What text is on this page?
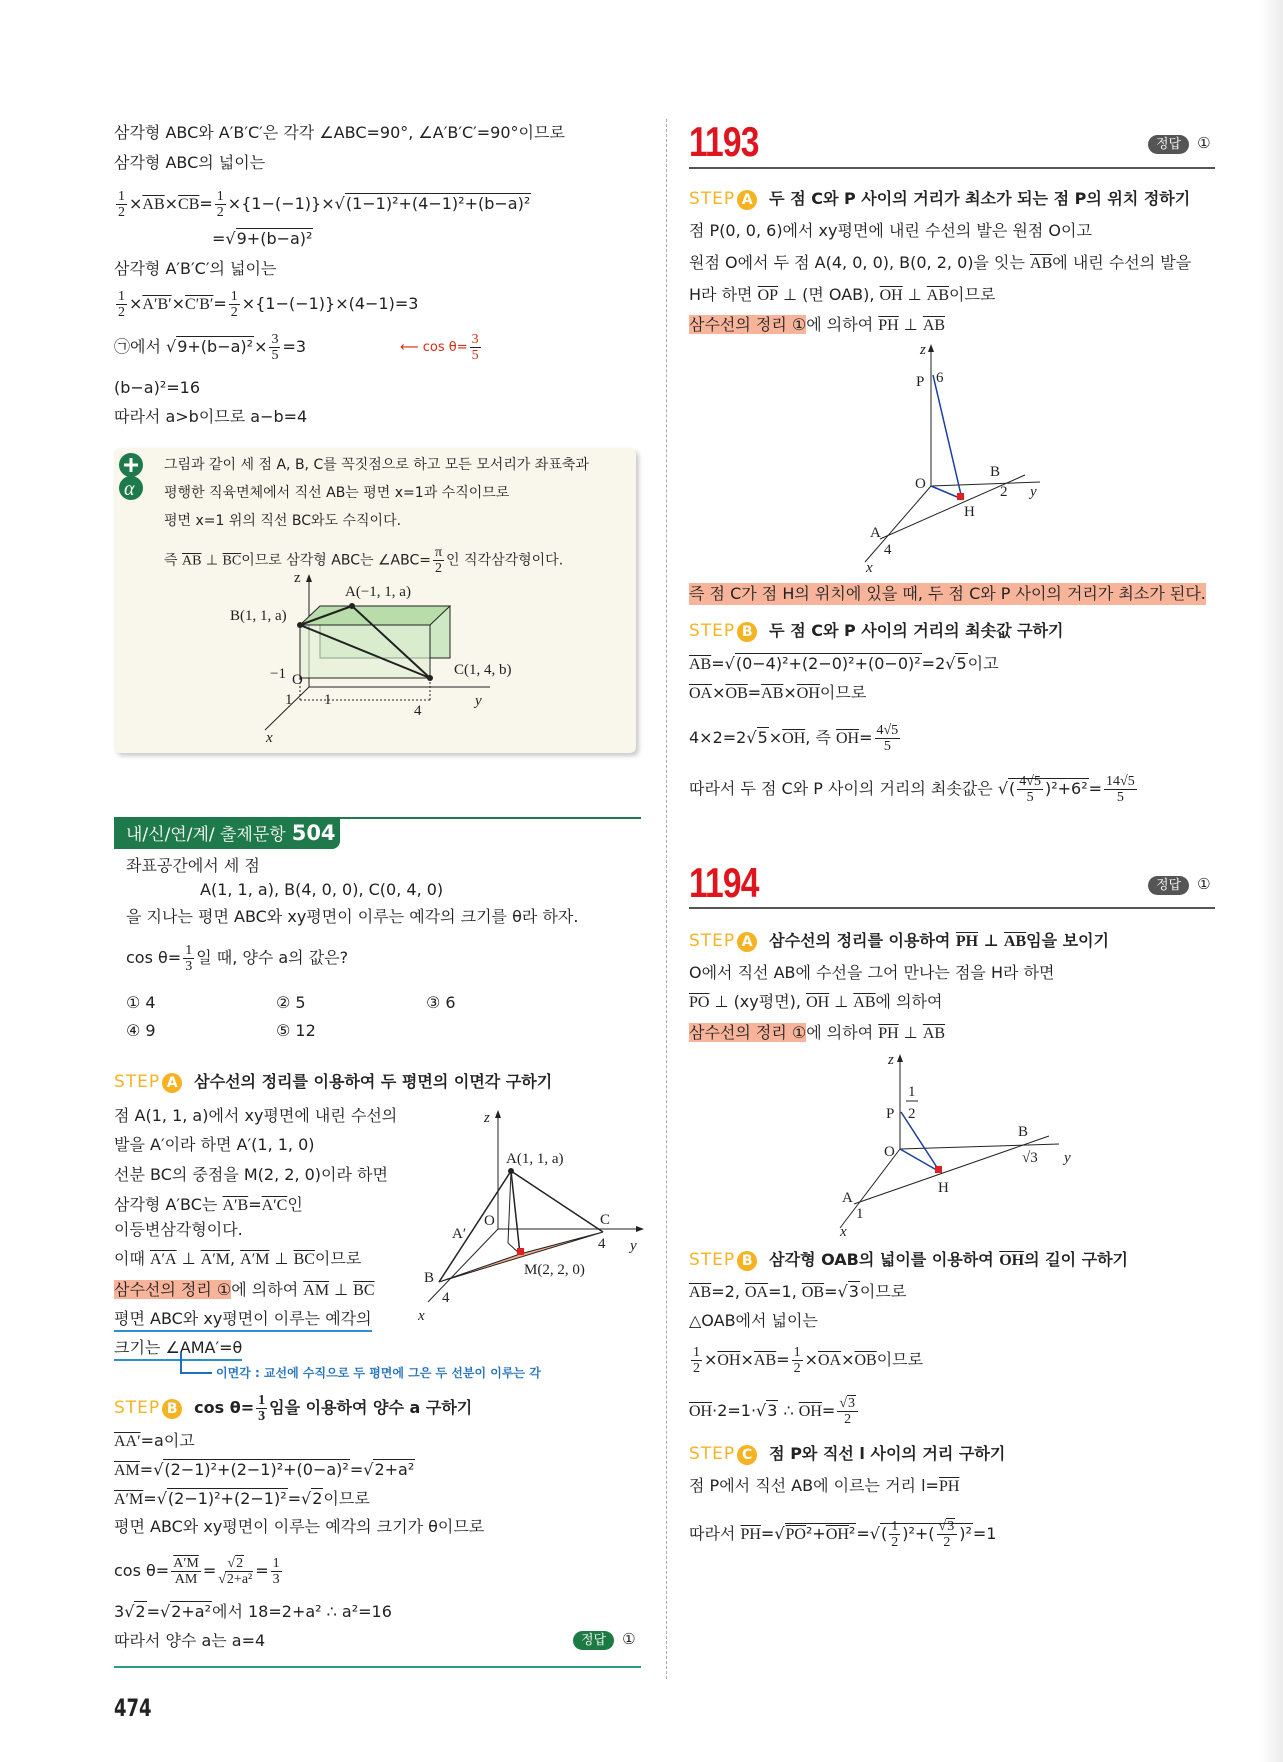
삼각형 ABC와 A′B′C′은 각각 ∠ABC=90°, ∠A′B′C′=90°이므로
삼각형 ABC의 넓이는
$\frac{1}{2} \times\overline{AB}\times\overline{CB}= \frac{1}{2} \times\{1-(-1)\}\times$ √ (1−1)²+(4−1)²+(b−a)²
= √ 9+(b−a)²
삼각형 A′B′C′의 넓이는
$\frac{1}{2} \times A'B'\times C'B'= \frac{1}{2} \times\{1-(-1)\}\times(4-1)=3$
㉠에서 √ $9+(b-a)^2\times \frac{3}{5} =3$	⟵ $\cos \theta= \frac{3}{5}$
(b−a)²=16
따라서 a>b이므로 a−b=4
α
그림과 같이 세 점 A, B, C를 꼭짓점으로 하고 모든 모서리가 좌표축과
평행한 직육면체에서 직선 AB는 평면 x=1과 수직이므로
평면 x=1 위의 직선 BC와도 수직이다.
즉 $\overline{AB}$ ⊥ $\overline{BC}$이므로 삼각형 ABC는 ∠ABC= $\frac{\pi}{2}$ 인 직각삼각형이다.
z
A(−1, 1, a)
B(1, 1, a)
C(1, 4, b)
−1 O
1 1
4
y
x
내/신/연/계/ 출제문항 504
좌표공간에서 세 점
A(1, 1, a), B(4, 0, 0), C(0, 4, 0)
을 지나는 평면 ABC와 xy평면이 이루는 예각의 크기를 θ라 하자.
$\cos \theta= \frac{1}{3}$ 일 때, 양수 a의 값은?
① 4	② 5	③ 6
④ 9	⑤ 12
STEP A 삼수선의 정리를 이용하여 두 평면의 이면각 구하기
점 A(1, 1, a)에서 xy평면에 내린 수선의
발을 A′이라 하면 A′(1, 1, 0)
선분 BC의 중점을 M(2, 2, 0)이라 하면
삼각형 A′BC는 A′B=A′C인
이등변삼각형이다.
이때 A′A ⊥ A′M, A′M ⊥ $\overline{BC}$이므로
삼수선의 정리 ①에 의하여 $\overline{AM}$ ⊥ $\overline{BC}$
평면 ABC와 xy평면이 이루는 예각의
크기는 ∠AMA′=θ
이면각 : 교선에 수직으로 두 평면에 그은 두 선분이 이루는 각
z
A(1, 1, a)
A′
O	C
4 y
M(2, 2, 0)
B
4
x
STEP B $\cos \theta= \frac{1}{3}$ 임을 이용하여 양수 a 구하기
AA′=a이고
$\overline{AM}=$ √ (2−1)²+(2−1)²+(0−a)²= √ 2+a²
A′M= √ (2−1)²+(2−1)²= √ 2이므로
평면 ABC와 xy평면이 이루는 예각의 크기가 θ이므로
$\cos \theta= \frac{A'M}{AM}$ = √ 2
√ $2+a^2 = \frac{1}{3}$
3 √ 2= √ 2+a²에서 18=2+a² ∴ a²=16
따라서 양수 a는 a=4	정답 ①
474
1193	정답 ①
STEP A 두 점 C와 P 사이의 거리가 최소가 되는 점 P의 위치 정하기
점 P(0, 0, 6)에서 xy평면에 내린 수선의 발은 원점 O이고
원점 O에서 두 점 A(4, 0, 0), B(0, 2, 0)을 잇는 $\overline{AB}$에 내린 수선의 발을
H라 하면 $\overline{OP}$ ⊥ (면 OAB), $\overline{OH}$ ⊥ $\overline{AB}$이므로
삼수선의 정리 ①에 의하여 $\overline{PH}$ ⊥ $\overline{AB}$
z
P 6
O
B
2 y
H
A
4
x
즉 점 C가 점 H의 위치에 있을 때, 두 점 C와 P 사이의 거리가 최소가 된다.
STEP B 두 점 C와 P 사이의 거리의 최솟값 구하기
$\overline{AB}=$ √ (0−4)²+(2−0)²+(0−0)²=2 √ 5이고
$\overline{OA}\times\overline{OB}=\overline{AB}\times\overline{OH}$이므로
4×2=2 √ $5\times\overline{OH}$, 즉 $\overline{OH}= \frac{4√5}{5}$
따라서 두 점 C와 P 사이의 거리의 최솟값은 √ ( $\frac{4√5}{5} )^2+6^2= \frac{14√5}{5}$
1194	정답 ①
STEP A 삼수선의 정리를 이용하여 $\overline{PH}$ ⊥ $\overline{AB}$임을 보이기
O에서 직선 AB에 수선을 그어 만나는 점을 H라 하면
$\overline{PO}$ ⊥ (xy평면), $\overline{OH}$ ⊥ $\overline{AB}$에 의하여
삼수선의 정리 ①에 의하여 $\overline{PH}$ ⊥ $\overline{AB}$
z
1
2
P
O
B
√3 y
H
A
1
x
STEP B 삼각형 OAB의 넓이를 이용하여 $\overline{OH}$의 길이 구하기
$\overline{AB}=2$, $\overline{OA}=1$, $\overline{OB}=$ √ 3이므로
△OAB에서 넓이는
$\frac{1}{2} \times\overline{OH}\times\overline{AB}= \frac{1}{2} \times\overline{OA}\times\overline{OB}$이므로
$\overline{OH}\cdot 2=1\cdot$ √ 3 ∴ $\overline{OH}=$ √ $\frac{3}{2}$
STEP C 점 P와 직선 l 사이의 거리 구하기
점 P에서 직선 AB에 이르는 거리 $l=\overline{PH}$
따라서 $\overline{PH}=$ √ $\overline{PO}^2+\overline{OH}^2=$ √ ( $\frac{1}{2} )^2+$( √ $\frac{3}{2} )^2=1$
